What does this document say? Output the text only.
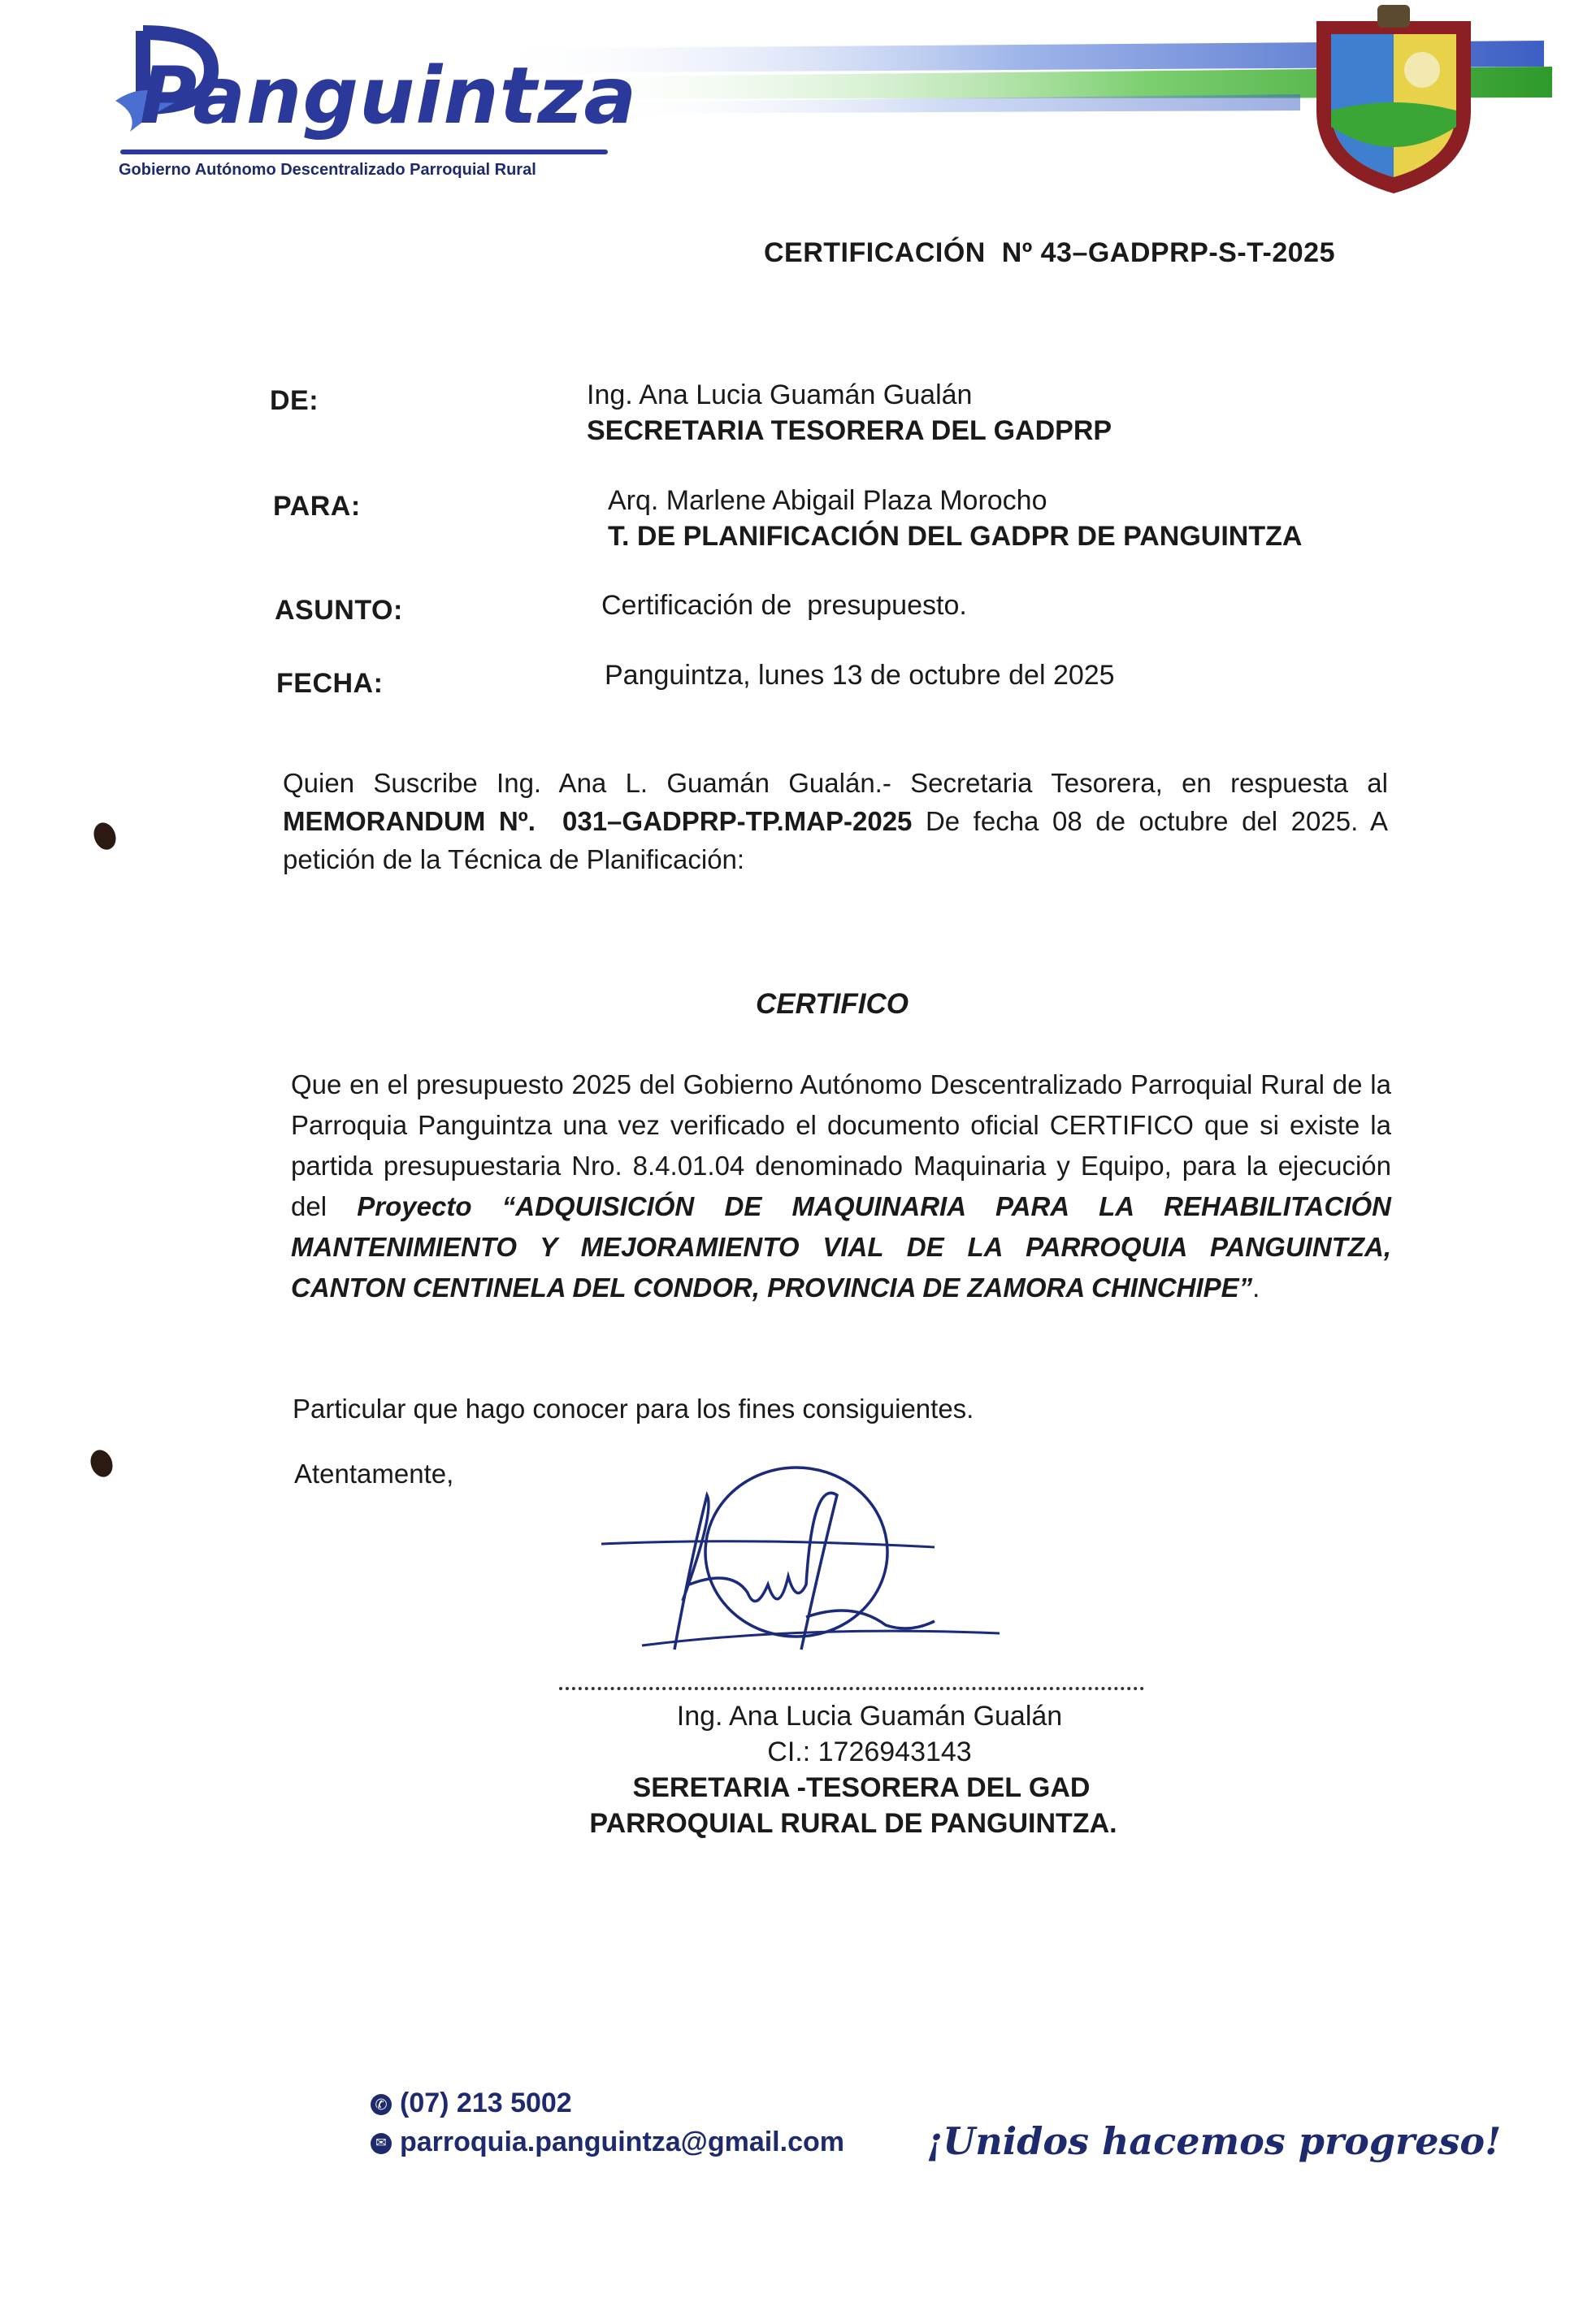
Panguintza
Gobierno Autónomo Descentralizado Parroquial Rural
CERTIFICACIÓN  Nº 43–GADPRP-S-T-2025
DE:	Ing. Ana Lucia Guamán Gualán
SECRETARIA TESORERA DEL GADPRP
PARA:	Arq. Marlene Abigail Plaza Morocho
T. DE PLANIFICACIÓN DEL GADPR DE PANGUINTZA
ASUNTO:	Certificación de  presupuesto.
FECHA:	Panguintza, lunes 13 de octubre del 2025
Quien Suscribe Ing. Ana L. Guamán Gualán.- Secretaria Tesorera, en respuesta al MEMORANDUM Nº.  031–GADPRP-TP.MAP-2025 De fecha 08 de octubre del 2025. A petición de la Técnica de Planificación:
CERTIFICO
Que en el presupuesto 2025 del Gobierno Autónomo Descentralizado Parroquial Rural de la Parroquia Panguintza una vez verificado el documento oficial CERTIFICO que si existe la partida presupuestaria Nro. 8.4.01.04 denominado Maquinaria y Equipo, para la ejecución del Proyecto “ADQUISICIÓN DE MAQUINARIA PARA LA REHABILITACIÓN MANTENIMIENTO Y MEJORAMIENTO VIAL DE LA PARROQUIA PANGUINTZA, CANTON CENTINELA DEL CONDOR, PROVINCIA DE ZAMORA CHINCHIPE”.
Particular que hago conocer para los fines consiguientes.
Atentamente,
Ing. Ana Lucia Guamán Gualán
CI.: 1726943143
SERETARIA -TESORERA DEL GAD
PARROQUIAL RURAL DE PANGUINTZA.
✆ (07) 213 5002
✉ parroquia.panguintza@gmail.com ¡Unidos hacemos progreso!
